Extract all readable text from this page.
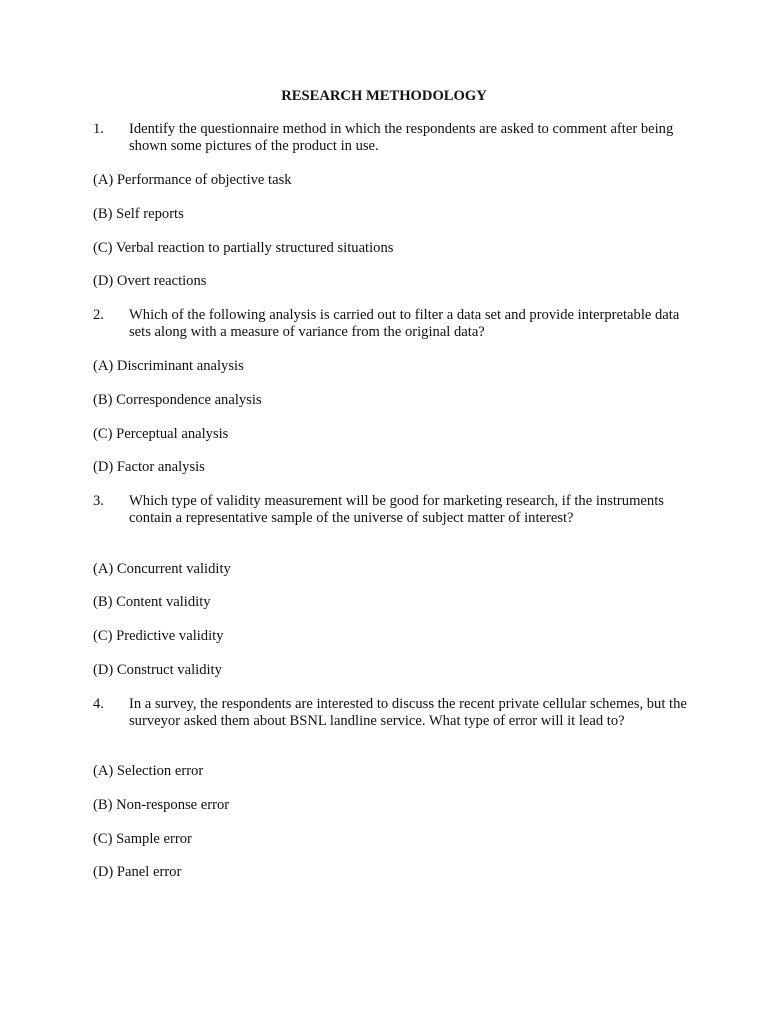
RESEARCH METHODOLOGY
1. Identify the questionnaire method in which the respondents are asked to comment after being shown some pictures of the product in use.
(A) Performance of objective task
(B) Self reports
(C) Verbal reaction to partially structured situations
(D) Overt reactions
2. Which of the following analysis is carried out to filter a data set and provide interpretable data sets along with a measure of variance from the original data?
(A) Discriminant analysis
(B) Correspondence analysis
(C) Perceptual analysis
(D) Factor analysis
3. Which type of validity measurement will be good for marketing research, if the instruments contain a representative sample of the universe of subject matter of interest?
(A) Concurrent validity
(B) Content validity
(C) Predictive validity
(D) Construct validity
4. In a survey, the respondents are interested to discuss the recent private cellular schemes, but the surveyor asked them about BSNL landline service. What type of error will it lead to?
(A) Selection error
(B) Non-response error
(C) Sample error
(D) Panel error
